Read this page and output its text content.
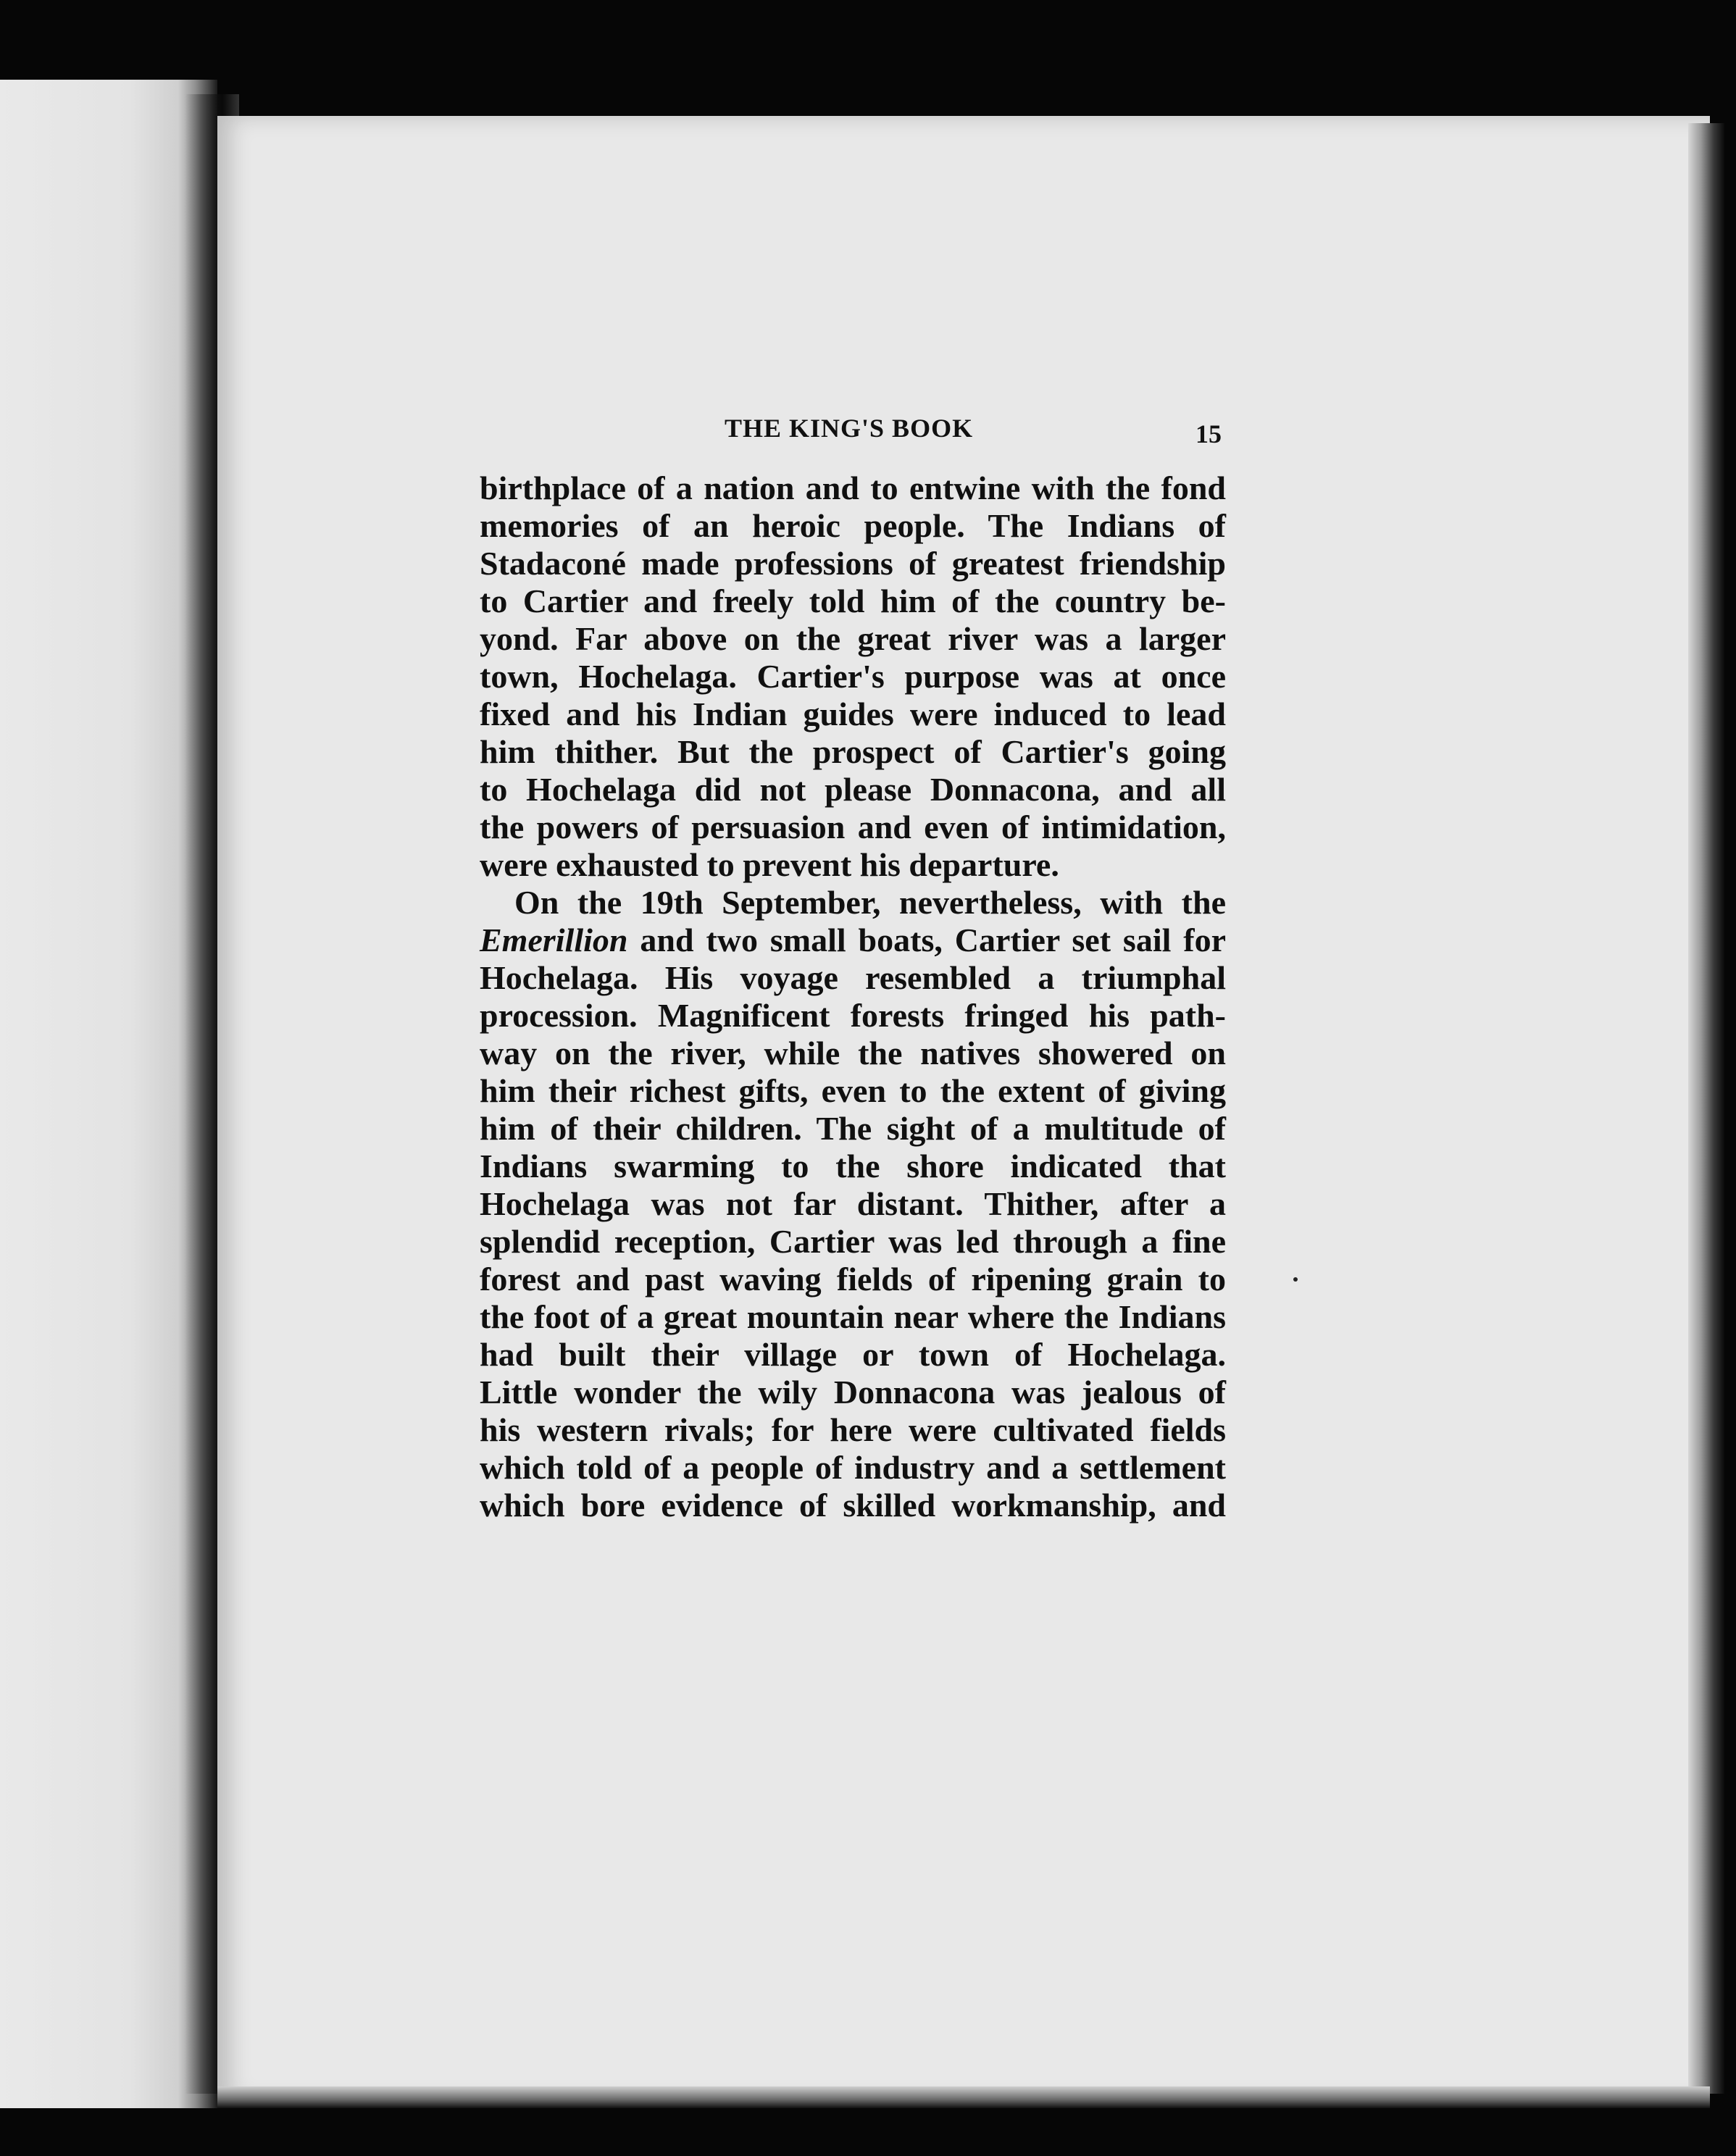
THE KING'S BOOK	15
birthplace of a nation and to entwine with the fond
memories of an heroic people. The Indians of
Stadaconé made professions of greatest friendship
to Cartier and freely told him of the country be-
yond. Far above on the great river was a larger
town, Hochelaga. Cartier's purpose was at once
fixed and his Indian guides were induced to lead
him thither. But the prospect of Cartier's going
to Hochelaga did not please Donnacona, and all
the powers of persuasion and even of intimidation,
were exhausted to prevent his departure.
On the 19th September, nevertheless, with the
Emerillion and two small boats, Cartier set sail for
Hochelaga. His voyage resembled a triumphal
procession. Magnificent forests fringed his path-
way on the river, while the natives showered on
him their richest gifts, even to the extent of giving
him of their children. The sight of a multitude of
Indians swarming to the shore indicated that
Hochelaga was not far distant. Thither, after a
splendid reception, Cartier was led through a fine
forest and past waving fields of ripening grain to
the foot of a great mountain near where the Indians
had built their village or town of Hochelaga.
Little wonder the wily Donnacona was jealous of
his western rivals; for here were cultivated fields
which told of a people of industry and a settlement
which bore evidence of skilled workmanship, and
